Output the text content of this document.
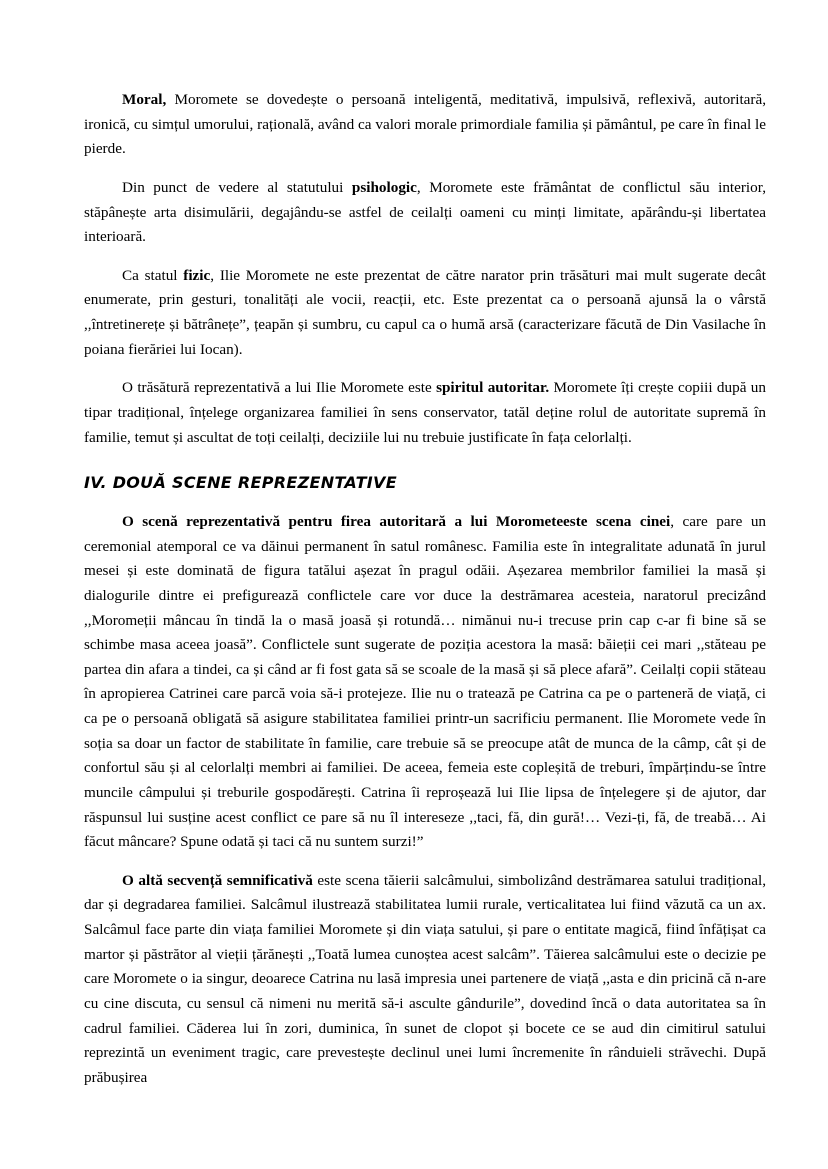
Moral, Moromete se dovedește o persoană inteligentă, meditativă, impulsivă, reflexivă, autoritară, ironică, cu simțul umorului, rațională, având ca valori morale primordiale familia și pământul, pe care în final le pierde.

Din punct de vedere al statutului psihologic, Moromete este frământat de conflictul său interior, stăpânește arta disimulării, degajându-se astfel de ceilalți oameni cu minți limitate, apărându-și libertatea interioară.

Ca statul fizic, Ilie Moromete ne este prezentat de către narator prin trăsături mai mult sugerate decât enumerate, prin gesturi, tonalități ale vocii, reacții, etc. Este prezentat ca o persoană ajunsă la o vârstă ,,întretinerețe și bătrânețe”, țeapăn și sumbru, cu capul ca o humă arsă (caracterizare făcută de Din Vasilache în poiana fierăriei lui Iocan).

O trăsătură reprezentativă a lui Ilie Moromete este spiritul autoritar. Moromete îți crește copiii după un tipar tradițional, înțelege organizarea familiei în sens conservator, tatăl deține rolul de autoritate supremă în familie, temut și ascultat de toți ceilalți, deciziile lui nu trebuie justificate în fața celorlalți.

IV. DOUĂ SCENE REPREZENTATIVE

O scenă reprezentativă pentru firea autoritară a lui Morometeeste scena cinei, care pare un ceremonial atemporal ce va dăinui permanent în satul românesc. Familia este în integralitate adunată în jurul mesei și este dominată de figura tatălui așezat în pragul odăii. Așezarea membrilor familiei la masă și dialogurile dintre ei prefigurează conflictele care vor duce la destrămarea acesteia, naratorul precizând ,,Moromeții mâncau în tindă la o masă joasă și rotundă… nimănui nu-i trecuse prin cap c-ar fi bine să se schimbe masa aceea joasă”. Conflictele sunt sugerate de poziția acestora la masă: băieții cei mari ,,stăteau pe partea din afara a tindei, ca și când ar fi fost gata să se scoale de la masă și să plece afară”. Ceilalți copii stăteau în apropierea Catrinei care parcă voia să-i protejeze. Ilie nu o tratează pe Catrina ca pe o parteneră de viață, ci ca pe o persoană obligată să asigure stabilitatea familiei printr-un sacrificiu permanent. Ilie Moromete vede în soția sa doar un factor de stabilitate în familie, care trebuie să se preocupe atât de munca de la câmp, cât și de confortul său și al celorlalți membri ai familiei. De aceea, femeia este copleșită de treburi, împărțindu-se între muncile câmpului și treburile gospodărești. Catrina îi reproșează lui Ilie lipsa de înțelegere și de ajutor, dar răspunsul lui susține acest conflict ce pare să nu îl intereseze ,,taci, fă, din gură!… Vezi-ți, fă, de treabă… Ai făcut mâncare? Spune odată și taci că nu suntem surzi!”

O altă secvență semnificativă este scena tăierii salcâmului, simbolizând destrămarea satului tradițional, dar și degradarea familiei. Salcâmul ilustrează stabilitatea lumii rurale, verticalitatea lui fiind văzută ca un ax. Salcâmul face parte din viața familiei Moromete și din viața satului, și pare o entitate magică, fiind înfățișat ca martor și păstrător al vieții țărănești ,,Toată lumea cunoștea acest salcâm”. Tăierea salcâmului este o decizie pe care Moromete o ia singur, deoarece Catrina nu lasă impresia unei partenere de viață ,,asta e din pricină că n-are cu cine discuta, cu sensul că nimeni nu merită să-i asculte gândurile”, dovedind încă o data autoritatea sa în cadrul familiei. Căderea lui în zori, duminica, în sunet de clopot și bocete ce se aud din cimitirul satului reprezintă un eveniment tragic, care prevestește declinul unei lumi încremenite în rânduieli străvechi. După prăbușirea
